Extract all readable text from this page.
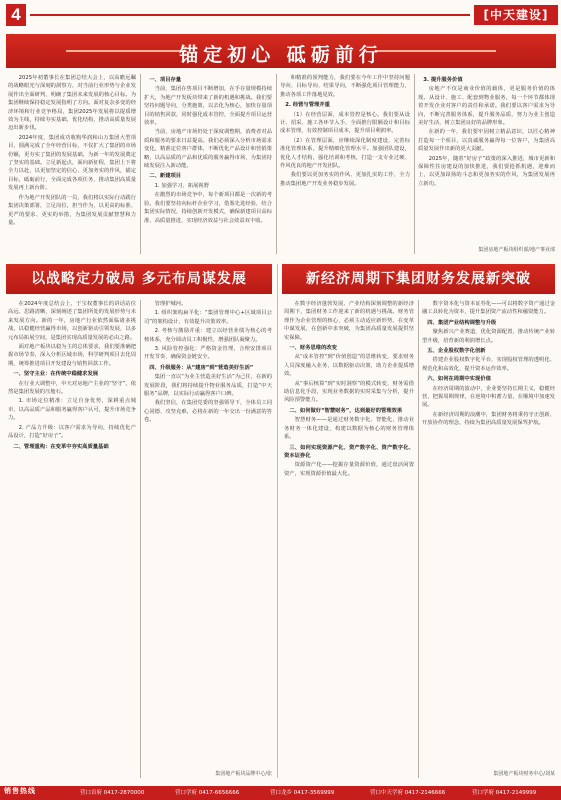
4	[中天建设]
锚定初心 砥砺前行

2025年初董事长在集团总结大会上，以高瞻远瞩的战略眼光与深刻的洞察力，对当前行业形势与企业发展作出全面研判，明确了集团未来发展的核心目标。为集团继续保持稳定发展指明了方向。面对复杂多变的经济环境和行业竞争格局，集团2025年发展将以提质增效为主线，持续夯实基础，优化结构，推动高质量发展迈出新步伐。

2024年度，集团成功收购华润和山万集团大型项目，圆满完成了全年经营目标，不仅扩大了集团的市场份额，更夯实了集团的发展基础，为新一年的发展奠定了坚实的基础。立足新起点，面向新征程，集团上下将全力以赴，以更加坚定的信心、更加务实的作风，锚定目标，砥砺前行，全面完成各项任务，推动集团高质量发展再上新台阶。

作为地产开发团队的一员，我们将以实际行动践行集团决策部署，立足岗位，担当作为，以更高的标准、更严的要求、更实的举措，为集团发展贡献智慧和力量。

一、项目存量

当前，集团在售项目不断增加，在手存量规模持续扩大，为地产开发板块带来了新的机遇和挑战。我们要坚持问题导向，分类施策，以去化为核心，加快存量项目的销售回款，同时强化成本管控，全面提升项目运营效率。

当前，房地产市场仍处于深度调整期，消费者对品质和服务的要求日益提高。我们必须深入分析市场需求变化，精准定位客户群体，不断优化产品设计和营销策略，以高品质的产品和优质的服务赢得市场，为集团持续发展注入新动能。

二、新建项目

1. 加强学习，拓展视野

在激烈的市场竞争中，每个新项目都是一次新的考验。我们要坚持向标杆企业学习，借鉴先进经验，结合集团实际情况，持续创新开发模式，确保新建项目高标准、高质量推进，实现经济效益与社会效益双丰收。

和精准的预判能力，我们要在今年工作中坚持问题导向、目标导向、结果导向，不断强化项目管理能力，推动各项工作落地见效。

2. 经营与管理并重

（1）在经营层面，成本管控是核心。我们要从设计、招采、施工各环节入手，全面推行限额设计和目标成本管理，有效控制项目成本，提升项目利润率。

（2）在管理层面，应继续深化制度建设，完善标准化管理体系，提升精细化管理水平。加强团队建设，优化人才结构，强化培训和考核，打造一支专业过硬、作风优良的地产开发团队。

我们要以更加务实的作风、更加扎实的工作，全力推动集团地产开发业务稳步发展。

3. 提升服务价值

房地产不仅是商业价值的载体，更是服务价值的体现。从设计、施工、配套到物业服务，每一个环节都体现着开发企业对客户的责任和承诺。我们要以客户需求为导向，不断完善服务体系，提升服务品质，努力为业主创造美好生活，树立集团良好的品牌形象。

在新的一年，我们要牢固树立精品意识，以匠心精神打造每一个项目，以真诚服务赢得每一位客户，为集团高质量发展作出新的更大贡献。

2025年，随着“好房子”政策的深入推进，城市更新和保障性住房建设的加快推进，我们要抢抓机遇，迎难而上，以更加昂扬的斗志和更加务实的作风，为集团发展再立新功。

集团房地产板块组织部/地产事业部
以战略定力破局 多元布局谋发展

在2024年度总结会上，于宝权董事长的讲话站位高远、思路清晰，深刻阐述了集团所处的发展形势与未来发展方向。新的一年，房地产行业依然面临诸多挑战，以稳健经营赢得市场，以创新驱动引领发展，以多元布局拓展空间，是集团实现高质量发展的必由之路。

面对地产板块以稳为主的总体要求，我们要准确把握市场节奏，深入分析区域市场，科学研判项目去化周期，统筹推进项目开发建设与销售回款工作。

一、坚守主业：在传统中稳健求发展

在行业大调整中，中天对房地产主业的“坚守”，依然是集团发展的压舱石。

1. 市场定位精准：立足自身优势，深耕重点城市，以高品质产品和服务赢得客户认可，提升市场竞争力。

2. 产品力升级：以客户需求为导向，持续优化产品设计，打造“好房子”。

二、管理重构：在变革中夯实高质量基础

管理护城河。

1. 组织架构扁平化：“集团管理中心+区域项目公司”的架构设计，有效提升决策效率。

2. 考核与激励并重：建立以经营业绩为核心的考核体系，充分调动员工积极性，增强团队凝聚力。

3. 风险管控强化：严格资金管理，合理安排项目开发节奏，确保资金链安全。

四、升级服务：从“建房”到“营造美好生活”

集团一直以“为业主营造美好生活”为己任，在新的发展阶段，我们将持续提升物业服务品质，打造“中天服务”品牌，以实际行动赢得客户口碑。

我们坚信，在集团党委的坚强领导下，全体员工同心同德、攻坚克难，必将在新的一年交出一份满意的答卷。

集团地产板块品牌中心/张
新经济周期下集团财务发展新突破

在数字经济蓬勃发展、产业结构深刻调整的新经济周期下，集团财务工作迎来了新的机遇与挑战。财务管理作为企业管理的核心，必须主动适应新形势，在变革中谋发展，在创新中求突破，为集团高质量发展提供坚实保障。

一、财务思维的改变

从“成本管控”到“价值创造”的思维转变，要求财务人员深度融入业务，以数据驱动决策，助力企业提质增效。

从“事后核算”到“实时洞察”的模式转变，财务需借助信息化手段，实现业务数据的实时采集与分析，提升风险预警能力。

二、如何做好“智慧财务”，达到最好的管理效果

智慧财务——是通过财务数字化、智能化，推动业务财务一体化建设，构建以数据为核心的财务管理体系。

三、如何实现资源产化、资产数字化、资产数字化、资本证券化

资源资产化——挖掘存量资源价值，通过盘活闲置资产，实现资源价值最大化。

数字资本化与资本证券化——可以将数字资产通过金融工具转化为资本，提升集团资产流动性和融资能力。

四、集团产业结构调整与升级

聚焦新兴产业赛道，优化资源配置，推动传统产业转型升级，培育新的利润增长点。

五、企业股权数字化创新

搭建企业股权数字化平台，实现股权管理的透明化、规范化和高效化，提升资本运作效率。

六、如何在周期中实现价值

在经济周期的波动中，企业要坚持长期主义，稳健经营，把握周期规律，在逆境中积蓄力量，在顺境中加速发展。

在新经济周期的浪潮中，集团财务将秉持守正创新、开放协作的理念，持续为集团高质量发展保驾护航。

集团地产板块财务中心/刘某
销售热线	营口首府 0417-2870000	营口学府 0417-6656666	营口龙乡 0417-3569999	营口中天学府 0417-2146666	营口学府 0417-2149999
